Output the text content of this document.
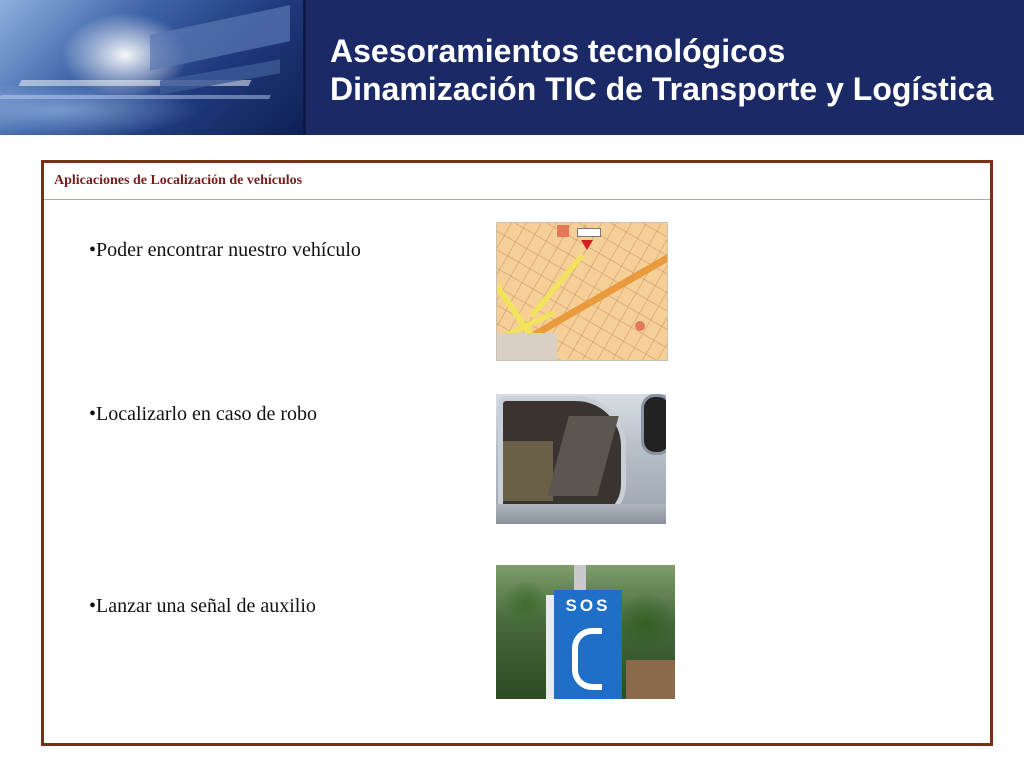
Asesoramientos tecnológicos
Dinamización TIC de Transporte y Logística
Aplicaciones de Localización de vehículos
•Poder encontrar nuestro vehículo
•Localizarlo en caso de robo
•Lanzar una señal de auxilio	SOS
